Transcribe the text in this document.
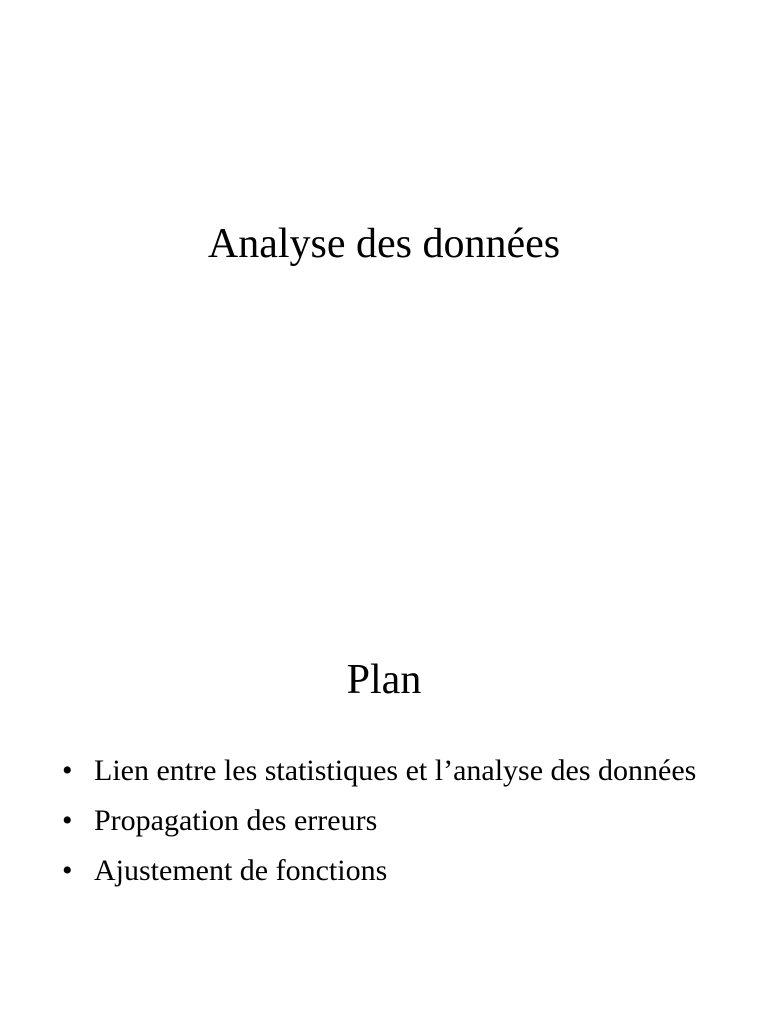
Analyse des données
Plan
• Lien entre les statistiques et l’analyse des données
• Propagation des erreurs
• Ajustement de fonctions
